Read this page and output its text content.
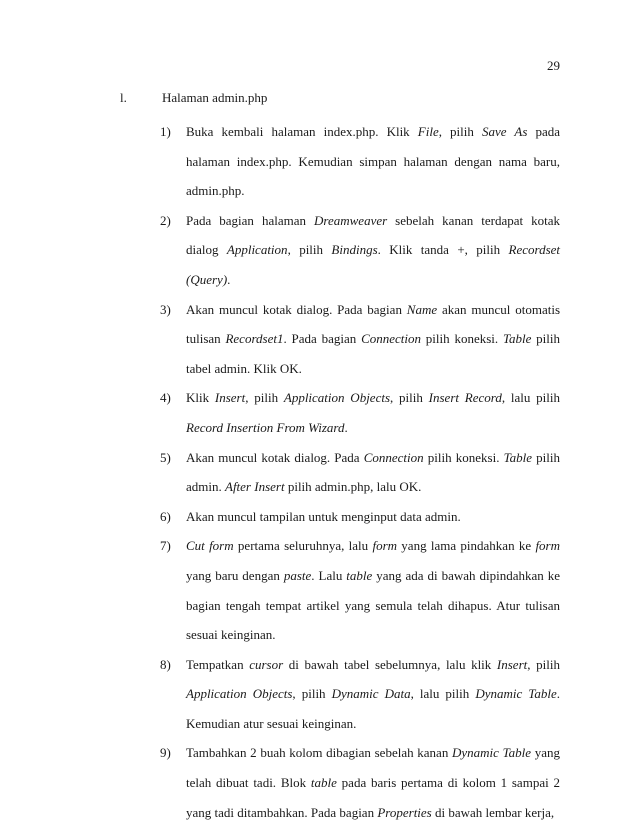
29
l.	Halaman admin.php
1)	Buka kembali halaman index.php. Klik File, pilih Save As pada halaman index.php. Kemudian simpan halaman dengan nama baru, admin.php.
2)	Pada bagian halaman Dreamweaver sebelah kanan terdapat kotak dialog Application, pilih Bindings. Klik tanda +, pilih Recordset (Query).
3)	Akan muncul kotak dialog. Pada bagian Name akan muncul otomatis tulisan Recordset1. Pada bagian Connection pilih koneksi. Table pilih tabel admin. Klik OK.
4)	Klik Insert, pilih Application Objects, pilih Insert Record, lalu pilih Record Insertion From Wizard.
5)	Akan muncul kotak dialog. Pada Connection pilih koneksi. Table pilih admin. After Insert pilih admin.php, lalu OK.
6)	Akan muncul tampilan untuk menginput data admin.
7)	Cut form pertama seluruhnya, lalu form yang lama pindahkan ke form yang baru dengan paste. Lalu table yang ada di bawah dipindahkan ke bagian tengah tempat artikel yang semula telah dihapus. Atur tulisan sesuai keinginan.
8)	Tempatkan cursor di bawah tabel sebelumnya, lalu klik Insert, pilih Application Objects, pilih Dynamic Data, lalu pilih Dynamic Table. Kemudian atur sesuai keinginan.
9)	Tambahkan 2 buah kolom dibagian sebelah kanan Dynamic Table yang telah dibuat tadi. Blok table pada baris pertama di kolom 1 sampai 2 yang tadi ditambahkan. Pada bagian Properties di bawah lembar kerja,
